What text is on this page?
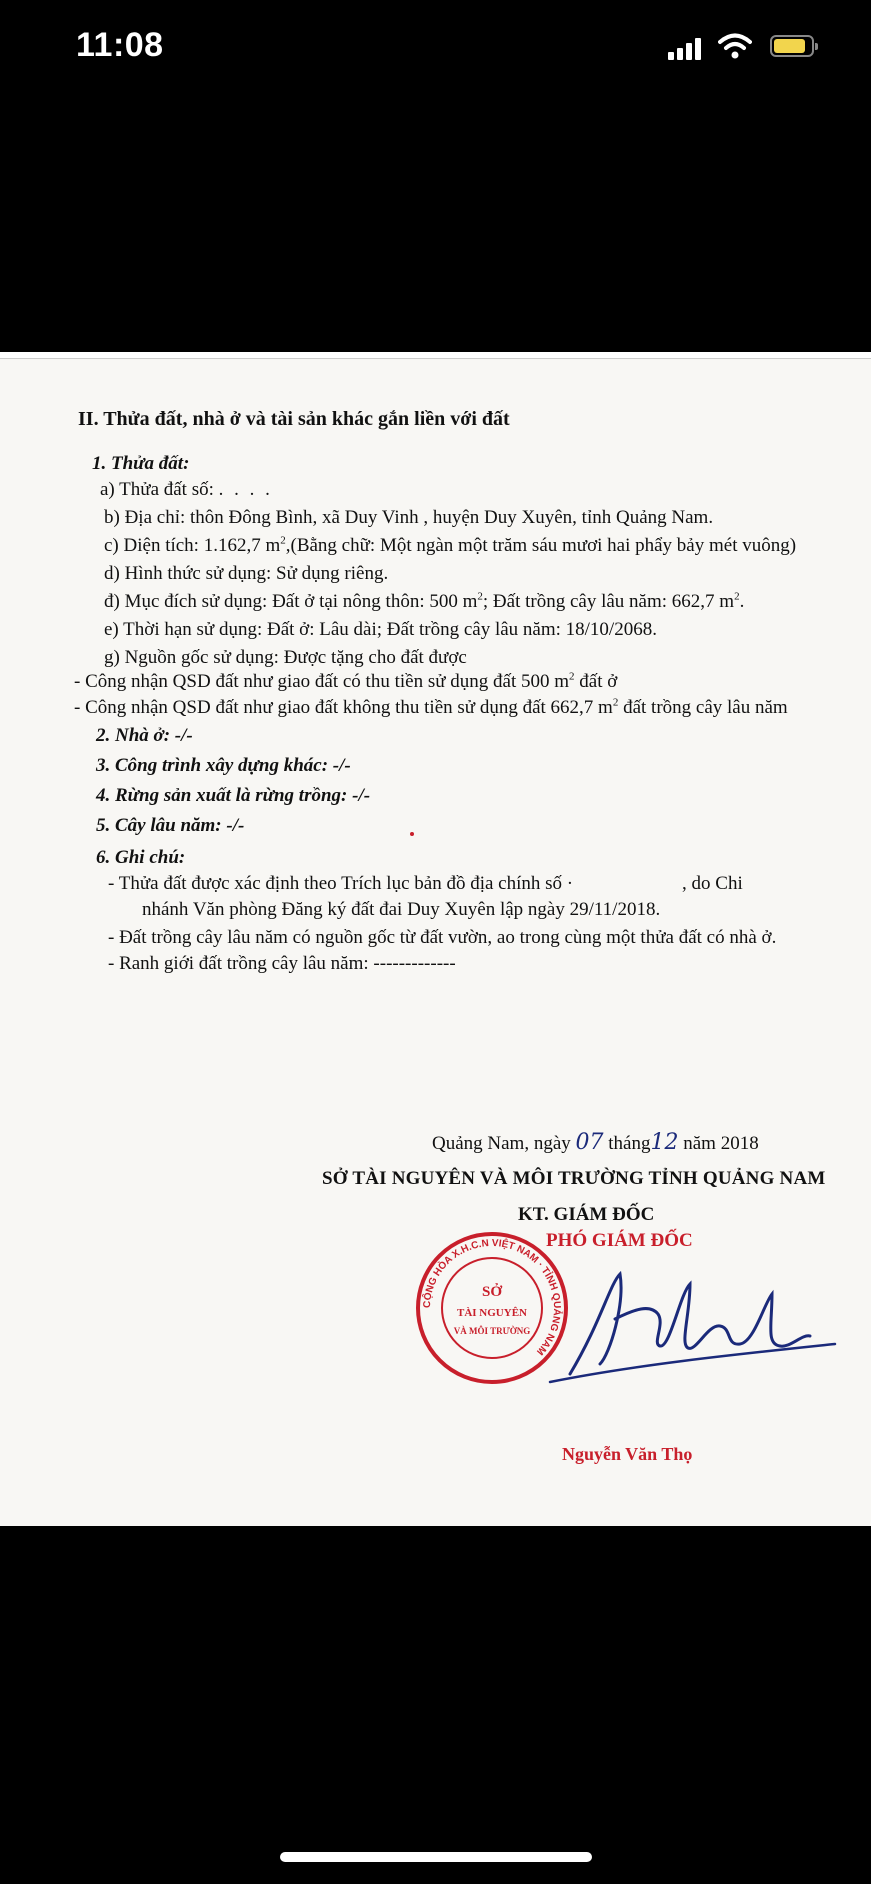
11:08
II. Thửa đất, nhà ở và tài sản khác gắn liền với đất
1. Thửa đất:
a) Thửa đất số: . . . .
b) Địa chỉ: thôn Đông Bình, xã Duy Vinh , huyện Duy Xuyên, tỉnh Quảng Nam.
c) Diện tích: 1.162,7 $m^2,(Bằng$ chữ: Một ngàn một trăm sáu mươi hai phẩy bảy mét vuông)
d) Hình thức sử dụng: Sử dụng riêng.
đ) Mục đích sử dụng: Đất ở tại nông thôn: 500 $m^2$; Đất trồng cây lâu năm: 662,7 $m^2$.
e) Thời hạn sử dụng: Đất ở: Lâu dài; Đất trồng cây lâu năm: 18/10/2068.
g) Nguồn gốc sử dụng: Được tặng cho đất được
- Công nhận QSD đất như giao đất có thu tiền sử dụng đất 500 $m^2$ đất ở
- Công nhận QSD đất như giao đất không thu tiền sử dụng đất 662,7 $m^2$ đất trồng cây lâu năm
2. Nhà ở: -/-
3. Công trình xây dựng khác: -/-
4. Rừng sản xuất là rừng trồng: -/-
5. Cây lâu năm: -/-
6. Ghi chú:
- Thửa đất được xác định theo Trích lục bản đồ địa chính số ·	, do Chi
nhánh Văn phòng Đăng ký đất đai Duy Xuyên lập ngày 29/11/2018.
- Đất trồng cây lâu năm có nguồn gốc từ đất vườn, ao trong cùng một thửa đất có nhà ở.
- Ranh giới đất trồng cây lâu năm: -------------
Quảng Nam, ngày 07 tháng12 năm 2018
SỞ TÀI NGUYÊN VÀ MÔI TRƯỜNG TỈNH QUẢNG NAM
KT. GIÁM ĐỐC
PHÓ GIÁM ĐỐC
CỘNG HÒA X.H.C.N VIỆT NAM · TỈNH QUẢNG NAM
SỞ
TÀI NGUYÊN
VÀ MÔI TRƯỜNG
Nguyễn Văn Thọ
